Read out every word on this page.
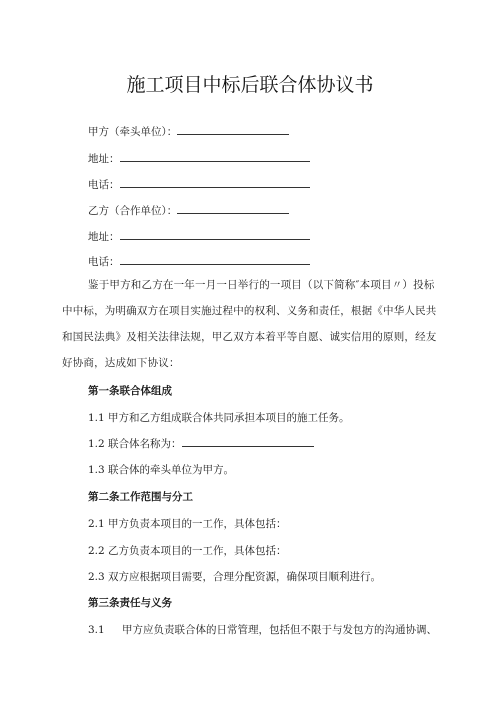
施工项目中标后联合体协议书
甲方（牵头单位）：
地址：
电话：
乙方（合作单位）：
地址：
电话：
鉴于甲方和乙方在一年一月一日举行的一项目（以下简称″本项目〃）投标中中标，为明确双方在项目实施过程中的权利、义务和责任，根据《中华人民共和国民法典》及相关法律法规，甲乙双方本着平等自愿、诚实信用的原则，经友好协商，达成如下协议：
第一条联合体组成
1.1 甲方和乙方组成联合体共同承担本项目的施工任务。
1.2 联合体名称为：
1.3 联合体的牵头单位为甲方。
第二条工作范围与分工
2.1 甲方负责本项目的一工作，具体包括：
2.2 乙方负责本项目的一工作，具体包括：
2.3 双方应根据项目需要，合理分配资源，确保项目顺利进行。
第三条责任与义务
3.1 甲方应负责联合体的日常管理，包括但不限于与发包方的沟通协调、
